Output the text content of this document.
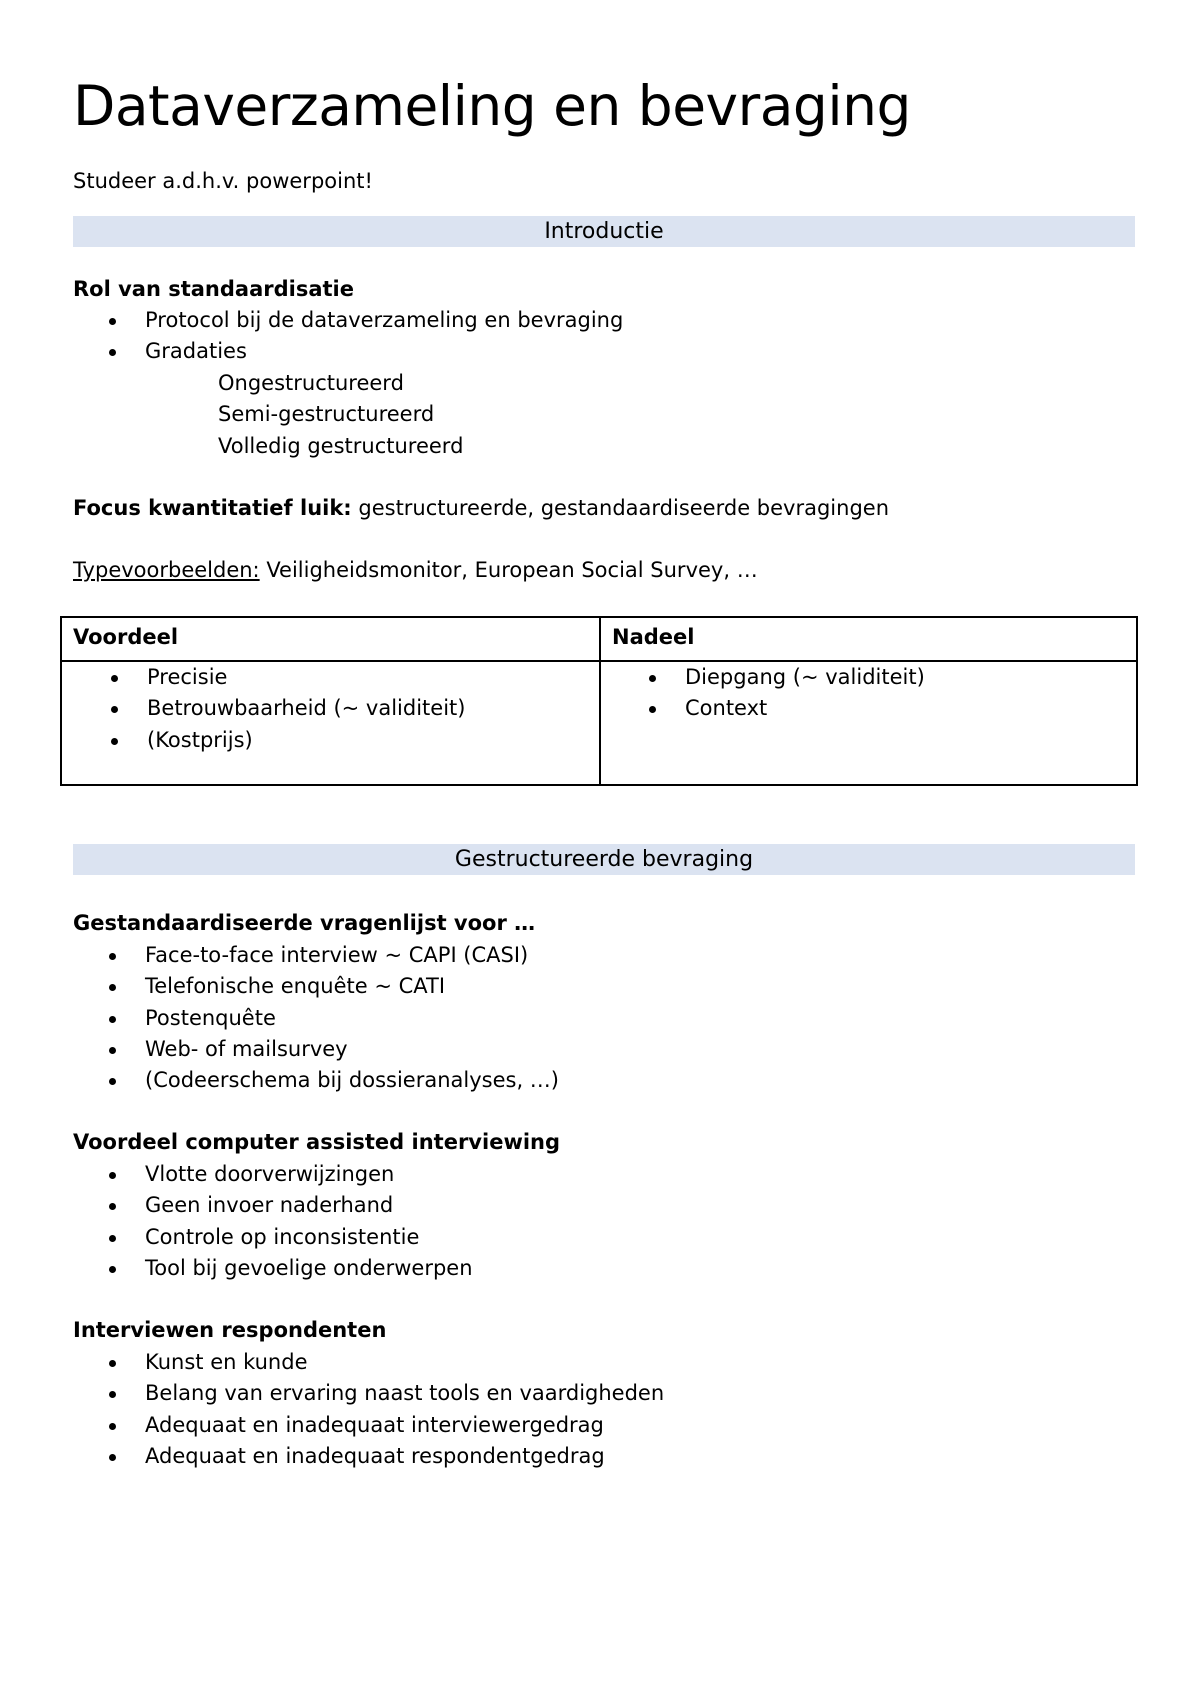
Dataverzameling en bevraging
Studeer a.d.h.v. powerpoint!
Introductie
Rol van standaardisatie
Protocol bij de dataverzameling en bevraging
Gradaties
Ongestructureerd
Semi-gestructureerd
Volledig gestructureerd
Focus kwantitatief luik: gestructureerde, gestandaardiseerde bevragingen
Typevoorbeelden: Veiligheidsmonitor, European Social Survey, …
Voordeel	Nadeel
Precisie
Betrouwbaarheid (~ validiteit)
(Kostprijs)
Diepgang (~ validiteit)
Context
Gestructureerde bevraging
Gestandaardiseerde vragenlijst voor …
Face-to-face interview ~ CAPI (CASI)
Telefonische enquête ~ CATI
Postenquête
Web- of mailsurvey
(Codeerschema bij dossieranalyses, …)
Voordeel computer assisted interviewing
Vlotte doorverwijzingen
Geen invoer naderhand
Controle op inconsistentie
Tool bij gevoelige onderwerpen
Interviewen respondenten
Kunst en kunde
Belang van ervaring naast tools en vaardigheden
Adequaat en inadequaat interviewergedrag
Adequaat en inadequaat respondentgedrag
